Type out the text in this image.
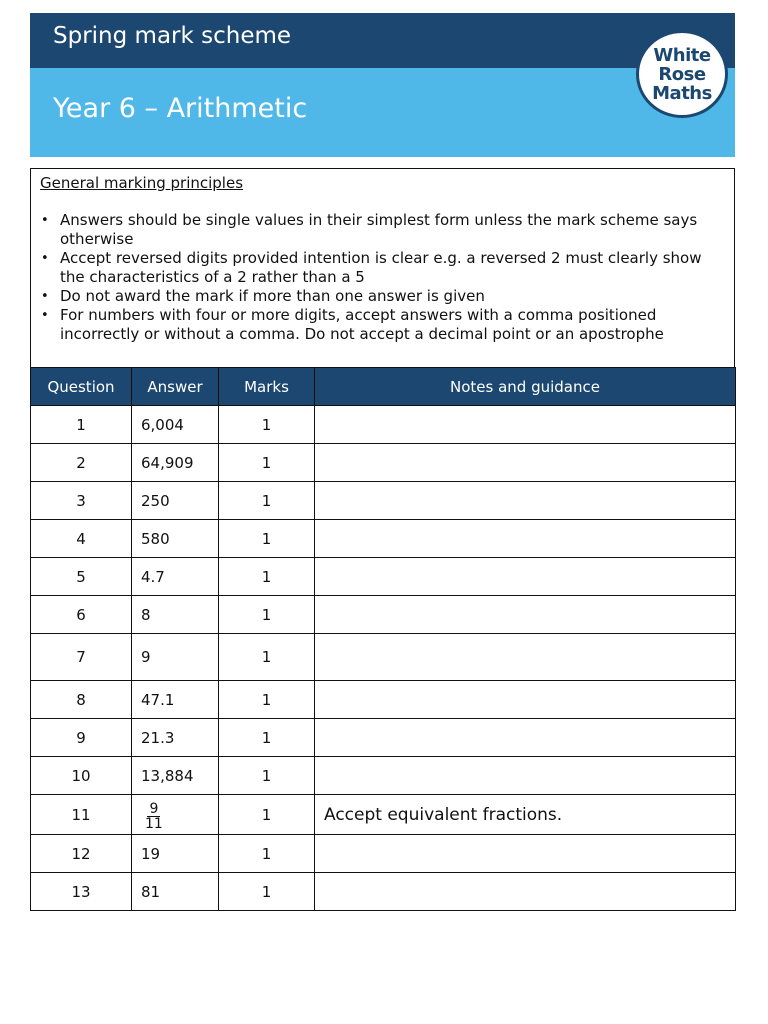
Spring mark scheme
Year 6 – Arithmetic
White
Rose
Maths
General marking principles
• Answers should be single values in their simplest form unless the mark scheme says otherwise
• Accept reversed digits provided intention is clear e.g. a reversed 2 must clearly show the characteristics of a 2 rather than a 5
• Do not award the mark if more than one answer is given
• For numbers with four or more digits, accept answers with a comma positioned incorrectly or without a comma. Do not accept a decimal point or an apostrophe
Question	Answer	Marks	Notes and guidance
1	6,004	1	
2	64,909	1	
3	250	1	
4	580	1	
5	4.7	1	
6	8	1	
7	9	1	
8	47.1	1	
9	21.3	1	
10	13,884	1	
11	$\frac{9}{11}$	1	Accept equivalent fractions.
12	19	1	
13	81	1	
